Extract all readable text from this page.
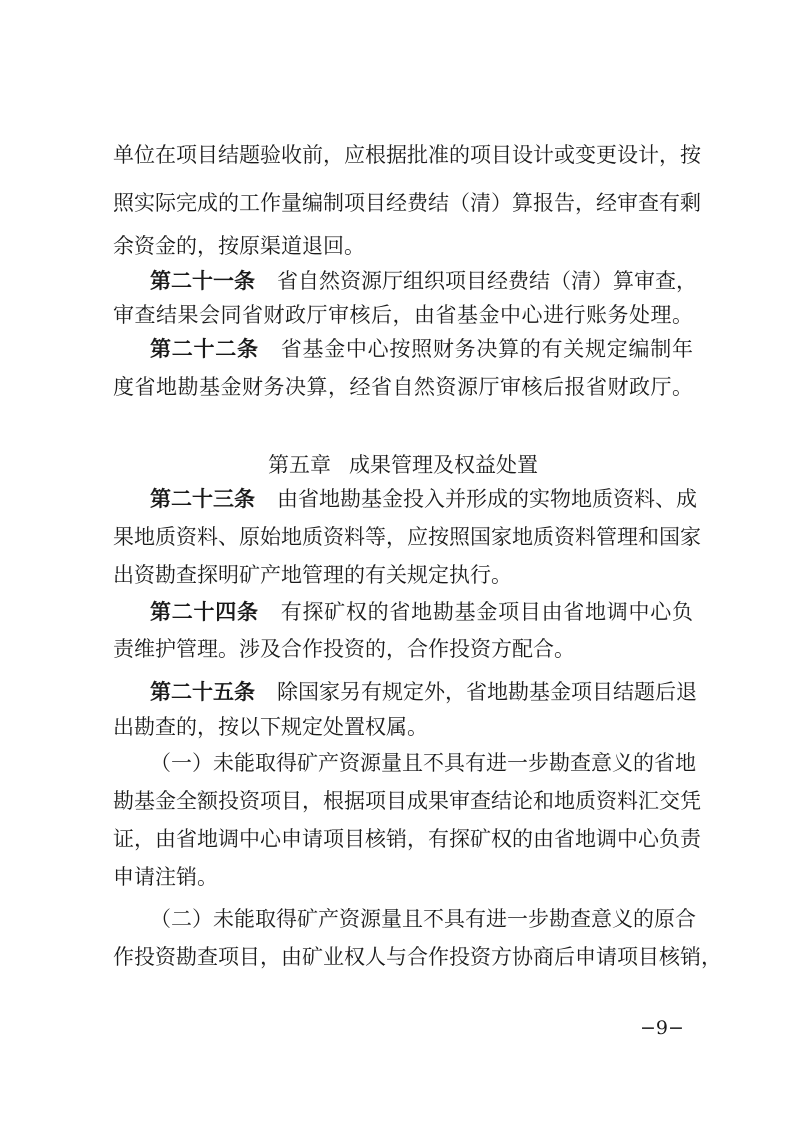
单位在项目结题验收前，应根据批准的项目设计或变更设计，按
照实际完成的工作量编制项目经费结（清）算报告，经审查有剩
余资金的，按原渠道退回。
第二十一条 省自然资源厅组织项目经费结（清）算审查，
审查结果会同省财政厅审核后，由省基金中心进行账务处理。
第二十二条 省基金中心按照财务决算的有关规定编制年
度省地勘基金财务决算，经省自然资源厅审核后报省财政厅。
第五章 成果管理及权益处置
第二十三条 由省地勘基金投入并形成的实物地质资料、成
果地质资料、原始地质资料等，应按照国家地质资料管理和国家
出资勘查探明矿产地管理的有关规定执行。
第二十四条 有探矿权的省地勘基金项目由省地调中心负
责维护管理。涉及合作投资的，合作投资方配合。
第二十五条 除国家另有规定外，省地勘基金项目结题后退
出勘查的，按以下规定处置权属。
（一）未能取得矿产资源量且不具有进一步勘查意义的省地
勘基金全额投资项目，根据项目成果审查结论和地质资料汇交凭
证，由省地调中心申请项目核销，有探矿权的由省地调中心负责
申请注销。
（二）未能取得矿产资源量且不具有进一步勘查意义的原合
作投资勘查项目，由矿业权人与合作投资方协商后申请项目核销，
−9−
